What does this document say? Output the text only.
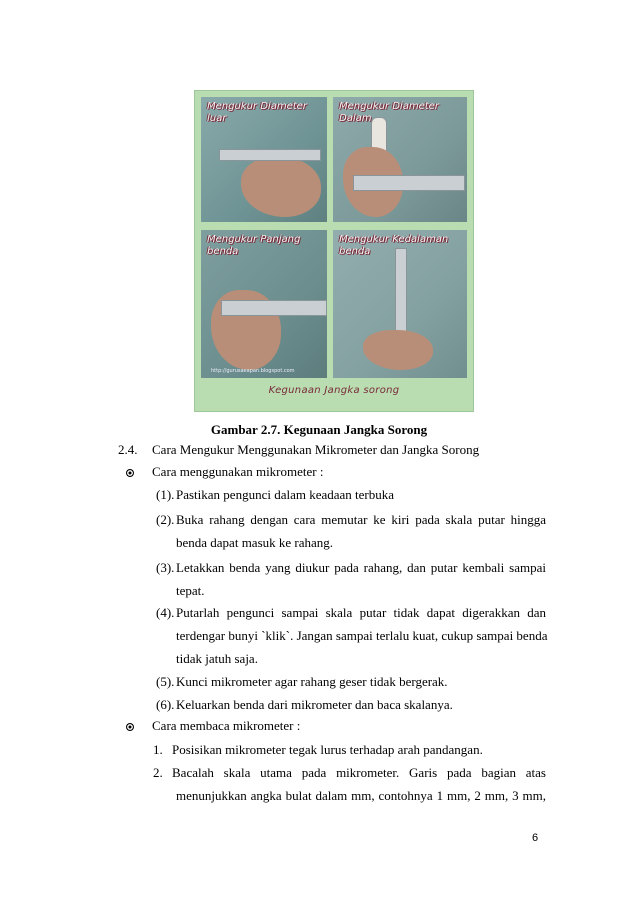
Mengukur Diameter luar
Mengukur Diameter Dalam
Mengukur Panjang benda
http://gurusaeapan.blogspot.com
Mengukur Kedalaman benda
Kegunaan Jangka sorong
Gambar 2.7. Kegunaan Jangka Sorong
2.4. Cara Mengukur Menggunakan Mikrometer dan Jangka Sorong
Cara menggunakan mikrometer :
(1). Pastikan pengunci dalam keadaan terbuka
(2). Buka rahang dengan cara memutar ke kiri pada skala putar hingga
benda dapat masuk ke rahang.
(3). Letakkan benda yang diukur pada rahang, dan putar kembali sampai
tepat.
(4). Putarlah pengunci sampai skala putar tidak dapat digerakkan dan
terdengar bunyi `klik`. Jangan sampai terlalu kuat, cukup sampai benda
tidak jatuh saja.
(5). Kunci mikrometer agar rahang geser tidak bergerak.
(6). Keluarkan benda dari mikrometer dan baca skalanya.
Cara membaca mikrometer :
1. Posisikan mikrometer tegak lurus terhadap arah pandangan.
2. Bacalah skala utama pada mikrometer. Garis pada bagian atas
menunjukkan angka bulat dalam mm, contohnya 1 mm, 2 mm, 3 mm,
6
